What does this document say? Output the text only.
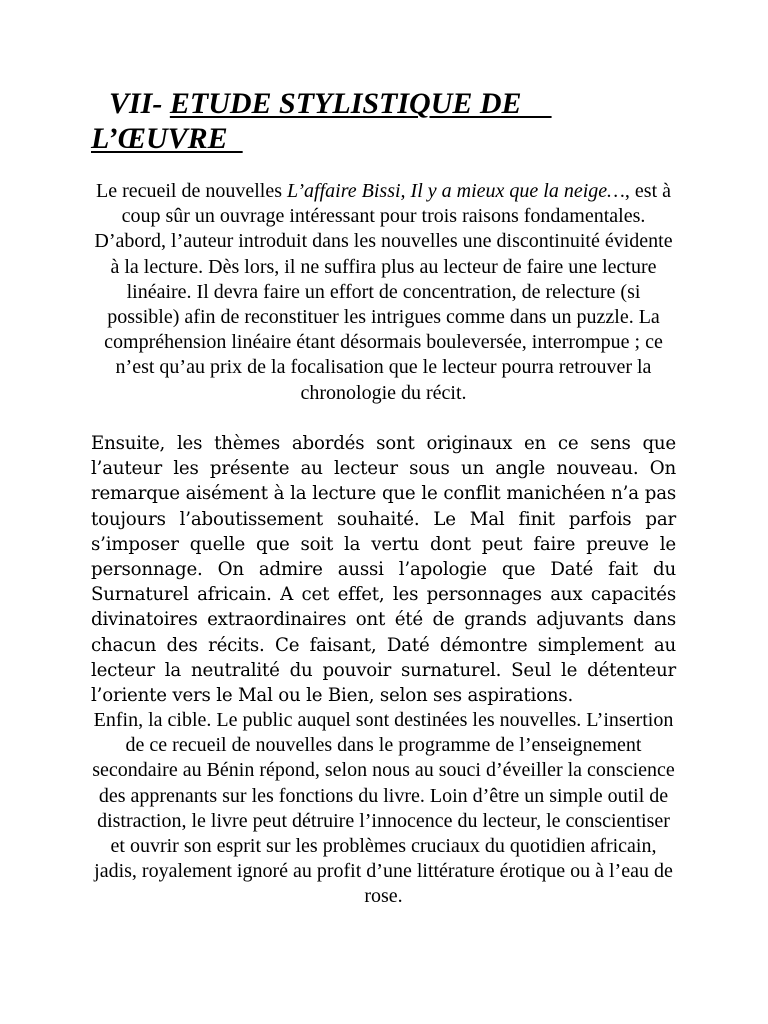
VII- ETUDE STYLISTIQUE DE
L’ŒUVRE

Le recueil de nouvelles L’affaire Bissi, Il y a mieux que la neige…, est à coup sûr un ouvrage intéressant pour trois raisons fondamentales. D’abord, l’auteur introduit dans les nouvelles une discontinuité évidente à la lecture. Dès lors, il ne suffira plus au lecteur de faire une lecture linéaire. Il devra faire un effort de concentration, de relecture (si possible) afin de reconstituer les intrigues comme dans un puzzle. La compréhension linéaire étant désormais bouleversée, interrompue ; ce n’est qu’au prix de la focalisation que le lecteur pourra retrouver la chronologie du récit.

Ensuite, les thèmes abordés sont originaux en ce sens que l’auteur les présente au lecteur sous un angle nouveau. On remarque aisément à la lecture que le conflit manichéen n’a pas toujours l’aboutissement souhaité. Le Mal finit parfois par s’imposer quelle que soit la vertu dont peut faire preuve le personnage. On admire aussi l’apologie que Daté fait du Surnaturel africain. A cet effet, les personnages aux capacités divinatoires extraordinaires ont été de grands adjuvants dans chacun des récits. Ce faisant, Daté démontre simplement au lecteur la neutralité du pouvoir surnaturel. Seul le détenteur l’oriente vers le Mal ou le Bien, selon ses aspirations.

Enfin, la cible. Le public auquel sont destinées les nouvelles. L’insertion de ce recueil de nouvelles dans le programme de l’enseignement secondaire au Bénin répond, selon nous au souci d’éveiller la conscience des apprenants sur les fonctions du livre. Loin d’être un simple outil de distraction, le livre peut détruire l’innocence du lecteur, le conscientiser et ouvrir son esprit sur les problèmes cruciaux du quotidien africain, jadis, royalement ignoré au profit d’une littérature érotique ou à l’eau de rose.
